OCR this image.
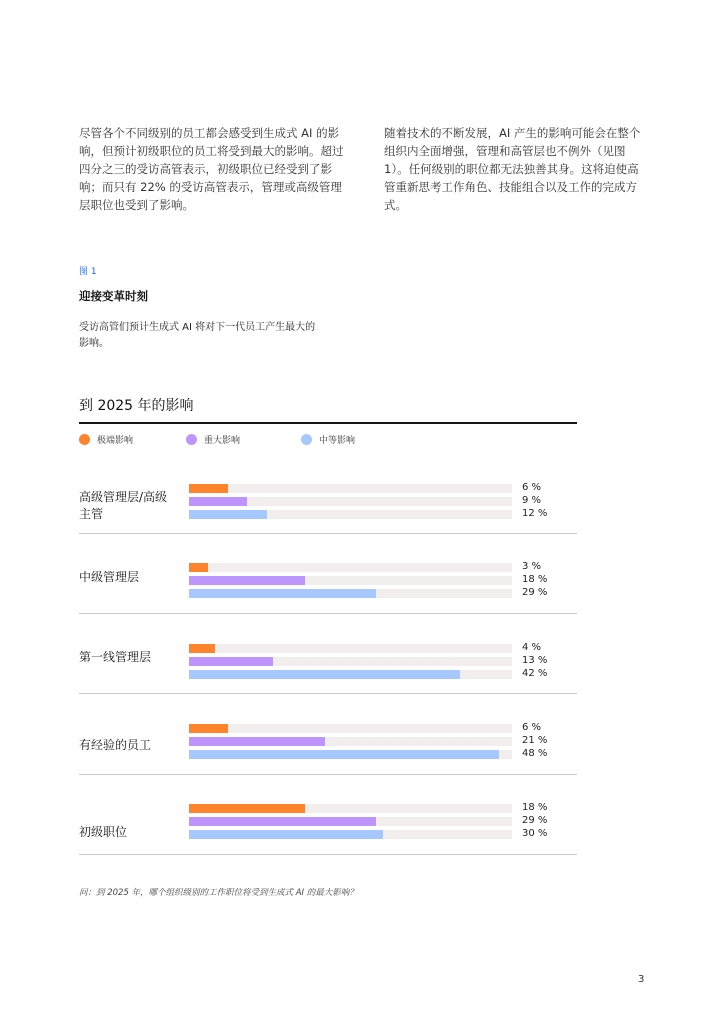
尽管各个不同级别的员工都会感受到生成式 AI 的影响，但预计初级职位的员工将受到最大的影响。超过四分之三的受访高管表示，初级职位已经受到了影响；而只有 22% 的受访高管表示，管理或高级管理层职位也受到了影响。

随着技术的不断发展，AI 产生的影响可能会在整个组织内全面增强，管理和高管层也不例外（见图 1）。任何级别的职位都无法独善其身。这将迫使高管重新思考工作角色、技能组合以及工作的完成方式。

图 1
迎接变革时刻
受访高管们预计生成式 AI 将对下一代员工产生最大的影响。
到 2025 年的影响
极端影响	重大影响	中等影响
高级管理层/高级主管
6 %
9 %
12 %
中级管理层
3 %
18 %
29 %
第一线管理层
4 %
13 %
42 %
有经验的员工
6 %
21 %
48 %
初级职位
18 %
29 %
30 %
问：到 2025 年，哪个组织级别的工作职位将受到生成式 AI 的最大影响？
3
